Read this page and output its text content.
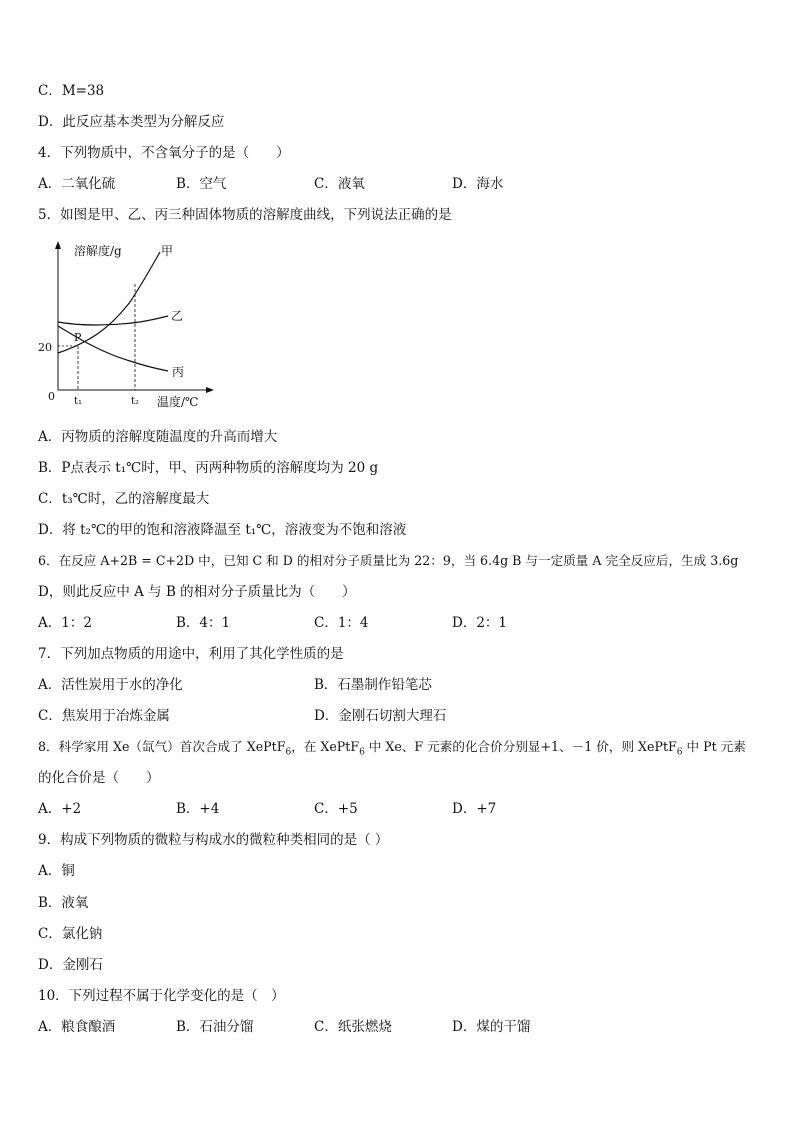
C．M=38
D．此反应基本类型为分解反应
4．下列物质中，不含氧分子的是（　　）
A．二氧化硫	B．空气	C．液氧	D．海水
5．如图是甲、乙、丙三种固体物质的溶解度曲线，下列说法正确的是
溶解度/g
温度/℃
0
20
t₁	t₂
P
甲
乙
丙
A．丙物质的溶解度随温度的升高而增大
B．P点表示 t₁℃时，甲、丙两种物质的溶解度均为 20 g
C．t₃℃时，乙的溶解度最大
D．将 t₂℃的甲的饱和溶液降温至 t₁℃，溶液变为不饱和溶液
6．在反应 A+2B = C+2D 中，已知 C 和 D 的相对分子质量比为 22：9，当 6.4g B 与一定质量 A 完全反应后，生成 3.6g
D，则此反应中 A 与 B 的相对分子质量比为（　　）
A．1：2	B．4：1	C．1：4	D．2：1
7．下列加点物质的用途中，利用了其化学性质的是
A．活性炭用于水的净化	B．石墨制作铅笔芯
C．焦炭用于冶炼金属	D．金刚石切割大理石
8．科学家用 Xe（氙气）首次合成了 XePtF$_6$，在 XePtF$_6$ 中 Xe、F 元素的化合价分别显+1、－1 价，则 XePtF$_6$ 中 Pt 元素
的化合价是（　　）
A．+2	B．+4	C．+5	D．+7
9．构成下列物质的微粒与构成水的微粒种类相同的是（ ）
A．铜
B．液氧
C．氯化钠
D．金刚石
10．下列过程不属于化学变化的是（　）
A．粮食酿酒	B．石油分馏	C．纸张燃烧	D．煤的干馏
